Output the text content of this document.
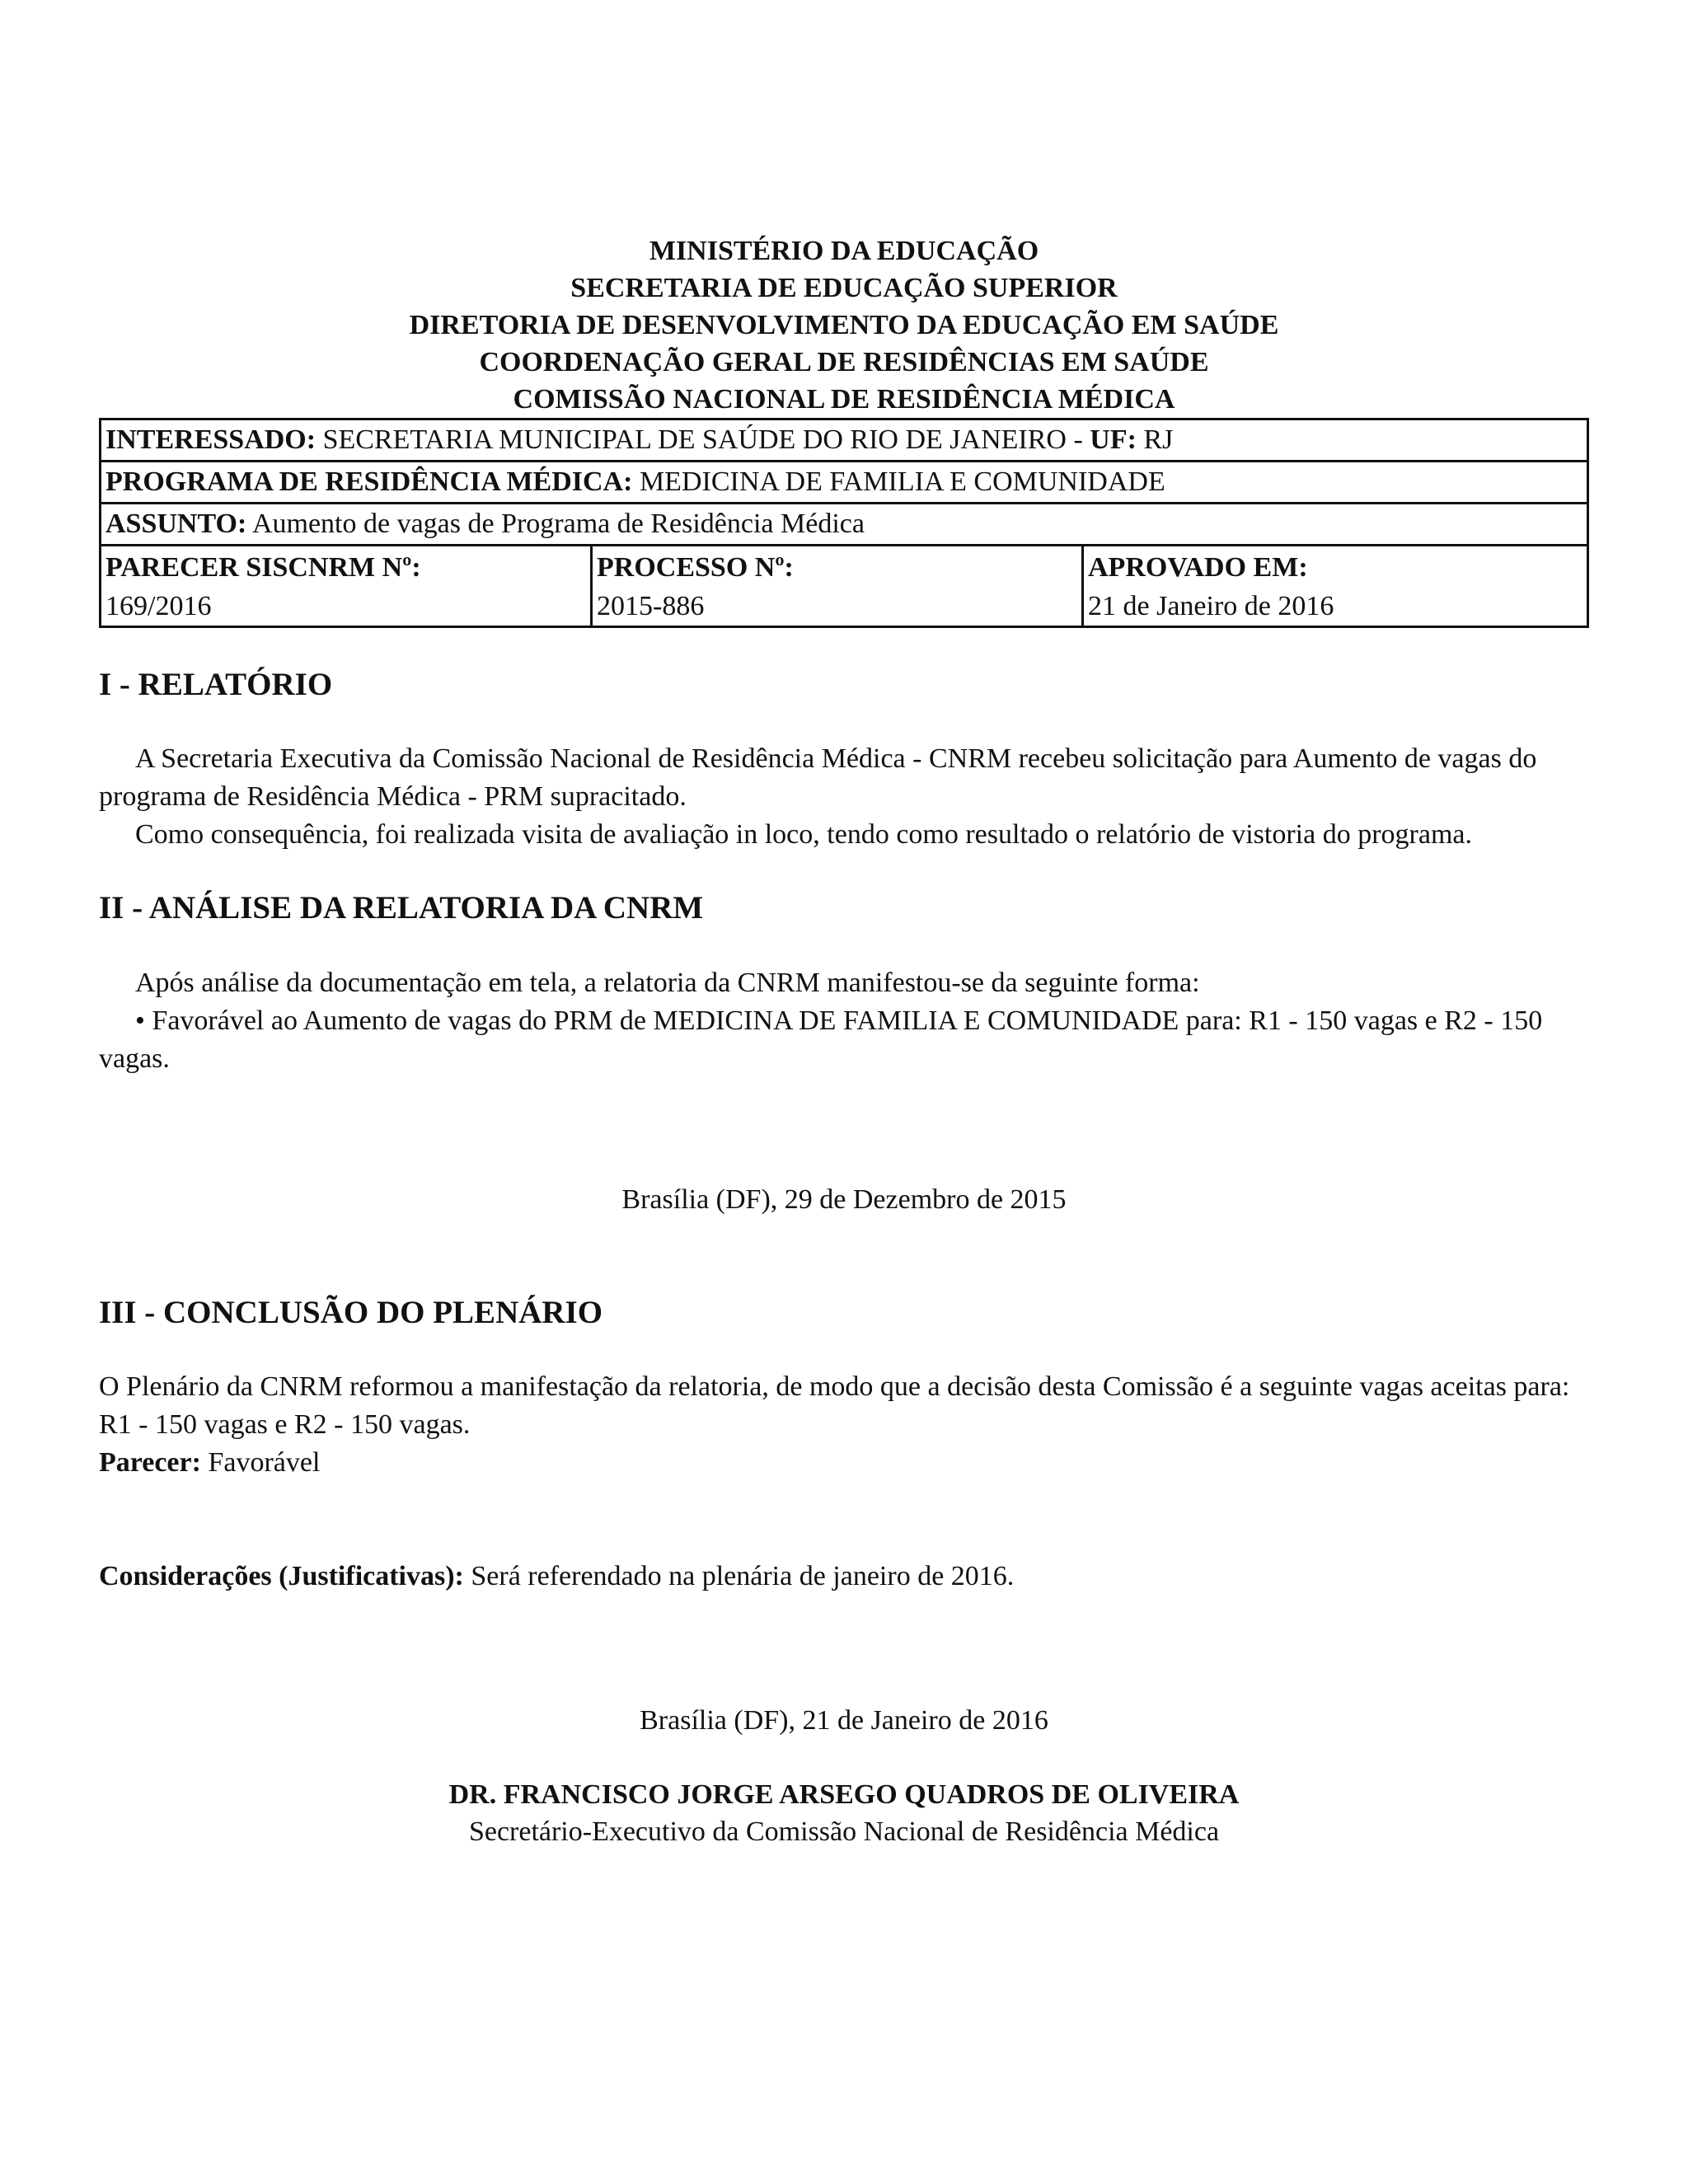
MINISTÉRIO DA EDUCAÇÃO
SECRETARIA DE EDUCAÇÃO SUPERIOR
DIRETORIA DE DESENVOLVIMENTO DA EDUCAÇÃO EM SAÚDE
COORDENAÇÃO GERAL DE RESIDÊNCIAS EM SAÚDE
COMISSÃO NACIONAL DE RESIDÊNCIA MÉDICA
INTERESSADO: SECRETARIA MUNICIPAL DE SAÚDE DO RIO DE JANEIRO - UF: RJ
PROGRAMA DE RESIDÊNCIA MÉDICA: MEDICINA DE FAMILIA E COMUNIDADE
ASSUNTO: Aumento de vagas de Programa de Residência Médica

PARECER SISCNRM Nº:
169/2016

PROCESSO Nº:
2015-886

APROVADO EM:
21 de Janeiro de 2016
I - RELATÓRIO
A Secretaria Executiva da Comissão Nacional de Residência Médica - CNRM recebeu solicitação para Aumento de vagas do programa de Residência Médica - PRM supracitado.
Como consequência, foi realizada visita de avaliação in loco, tendo como resultado o relatório de vistoria do programa.
II - ANÁLISE DA RELATORIA DA CNRM
Após análise da documentação em tela, a relatoria da CNRM manifestou-se da seguinte forma:
• Favorável ao Aumento de vagas do PRM de MEDICINA DE FAMILIA E COMUNIDADE para: R1 - 150 vagas e R2 - 150 vagas.
Brasília (DF), 29 de Dezembro de 2015
III - CONCLUSÃO DO PLENÁRIO
O Plenário da CNRM reformou a manifestação da relatoria, de modo que a decisão desta Comissão é a seguinte vagas aceitas para: R1 - 150 vagas e R2 - 150 vagas.
Parecer: Favorável
Considerações (Justificativas): Será referendado na plenária de janeiro de 2016.
Brasília (DF), 21 de Janeiro de 2016
DR. FRANCISCO JORGE ARSEGO QUADROS DE OLIVEIRA
Secretário-Executivo da Comissão Nacional de Residência Médica
